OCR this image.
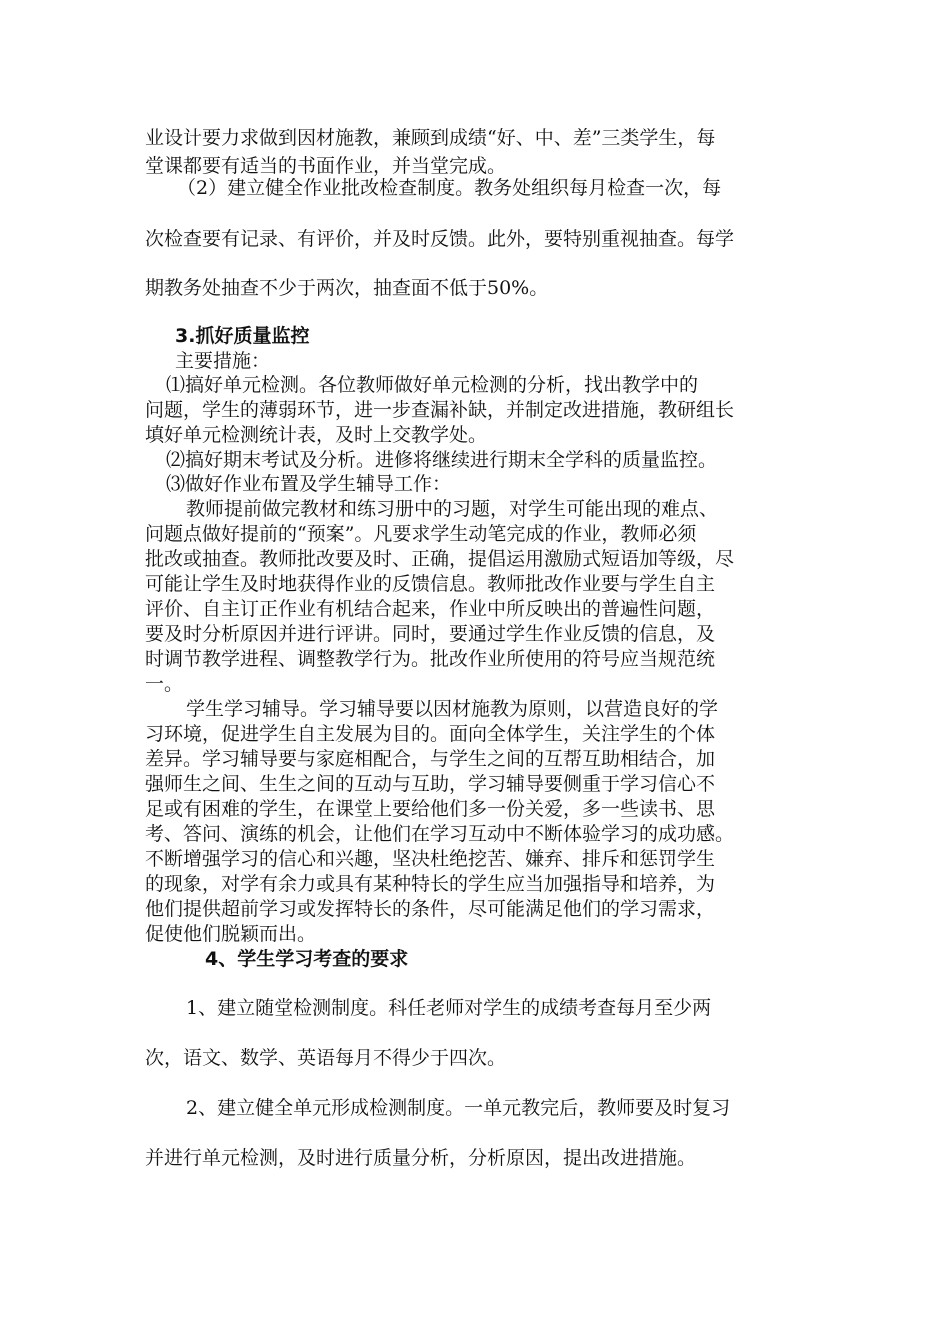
业设计要力求做到因材施教，兼顾到成绩“好、中、差”三类学生，每
堂课都要有适当的书面作业，并当堂完成。
（2）建立健全作业批改检查制度。教务处组织每月检查一次，每
次检查要有记录、有评价，并及时反馈。此外，要特别重视抽查。每学
期教务处抽查不少于两次，抽查面不低于50%。
3.抓好质量监控
主要措施：
⑴搞好单元检测。各位教师做好单元检测的分析，找出教学中的
问题，学生的薄弱环节，进一步查漏补缺，并制定改进措施，教研组长
填好单元检测统计表，及时上交教学处。
⑵搞好期末考试及分析。进修将继续进行期末全学科的质量监控。
⑶做好作业布置及学生辅导工作：
教师提前做完教材和练习册中的习题，对学生可能出现的难点、
问题点做好提前的“预案”。凡要求学生动笔完成的作业，教师必须
批改或抽查。教师批改要及时、正确，提倡运用激励式短语加等级，尽
可能让学生及时地获得作业的反馈信息。教师批改作业要与学生自主
评价、自主订正作业有机结合起来，作业中所反映出的普遍性问题，
要及时分析原因并进行评讲。同时，要通过学生作业反馈的信息，及
时调节教学进程、调整教学行为。批改作业所使用的符号应当规范统
一。
学生学习辅导。学习辅导要以因材施教为原则，以营造良好的学
习环境，促进学生自主发展为目的。面向全体学生，关注学生的个体
差异。学习辅导要与家庭相配合，与学生之间的互帮互助相结合，加
强师生之间、生生之间的互动与互助，学习辅导要侧重于学习信心不
足或有困难的学生，在课堂上要给他们多一份关爱，多一些读书、思
考、答问、演练的机会，让他们在学习互动中不断体验学习的成功感。
不断增强学习的信心和兴趣，坚决杜绝挖苦、嫌弃、排斥和惩罚学生
的现象，对学有余力或具有某种特长的学生应当加强指导和培养，为
他们提供超前学习或发挥特长的条件，尽可能满足他们的学习需求，
促使他们脱颖而出。
4、学生学习考查的要求
1、建立随堂检测制度。科任老师对学生的成绩考查每月至少两
次，语文、数学、英语每月不得少于四次。
2、建立健全单元形成检测制度。一单元教完后，教师要及时复习
并进行单元检测，及时进行质量分析，分析原因，提出改进措施。
